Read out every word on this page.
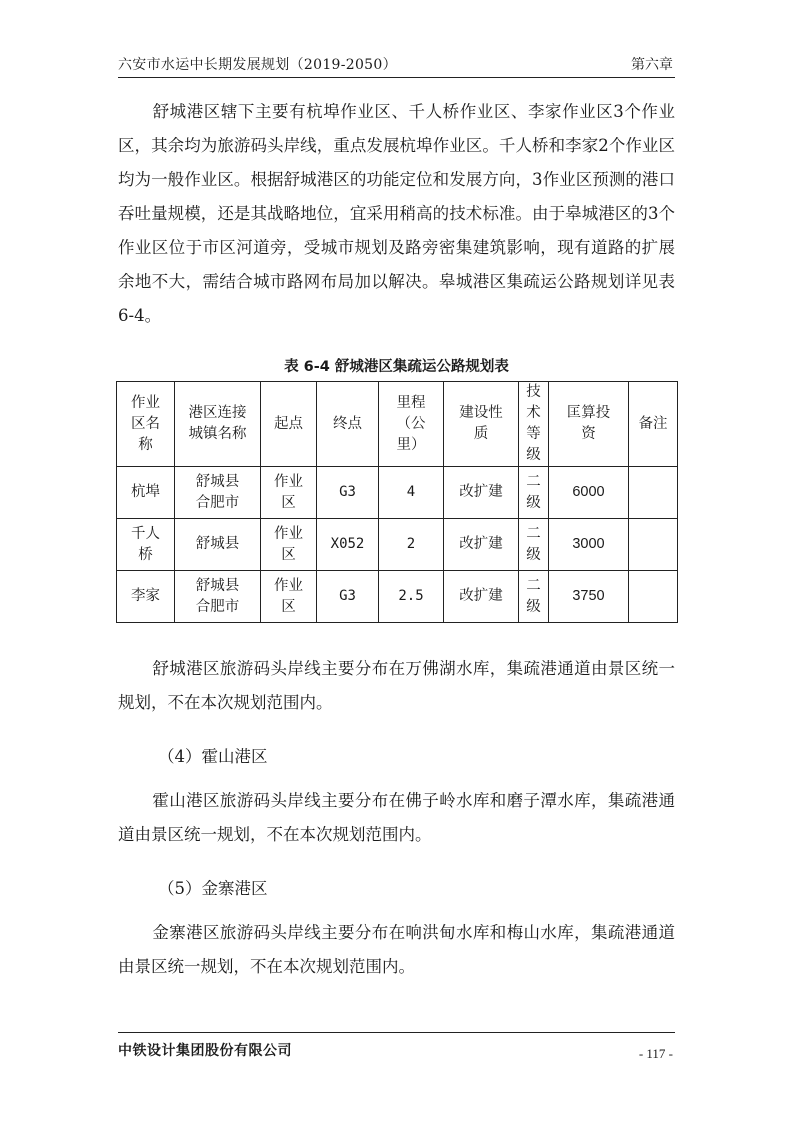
六安市水运中长期发展规划（2019-2050）	第六章

舒城港区辖下主要有杭埠作业区、千人桥作业区、李家作业区3个作业区，其余均为旅游码头岸线，重点发展杭埠作业区。千人桥和李家2个作业区均为一般作业区。根据舒城港区的功能定位和发展方向，3作业区预测的港口吞吐量规模，还是其战略地位，宜采用稍高的技术标准。由于皋城港区的3个作业区位于市区河道旁，受城市规划及路旁密集建筑影响，现有道路的扩展余地不大，需结合城市路网布局加以解决。皋城港区集疏运公路规划详见表6-4。

表 6-4 舒城港区集疏运公路规划表
作业区名称	港区连接城镇名称	起点	终点	里程（公里）	建设性质	技术等级	匡算投资	备注
杭埠	舒城县合肥市	作业区	G3	4	改扩建	二级	6000	
千人桥	舒城县	作业区	X052	2	改扩建	二级	3000	
李家	舒城县合肥市	作业区	G3	2.5	改扩建	二级	3750	

舒城港区旅游码头岸线主要分布在万佛湖水库，集疏港通道由景区统一规划，不在本次规划范围内。

（4）霍山港区

霍山港区旅游码头岸线主要分布在佛子岭水库和磨子潭水库，集疏港通道由景区统一规划，不在本次规划范围内。

（5）金寨港区

金寨港区旅游码头岸线主要分布在响洪甸水库和梅山水库，集疏港通道由景区统一规划，不在本次规划范围内。

中铁设计集团股份有限公司	- 117 -
